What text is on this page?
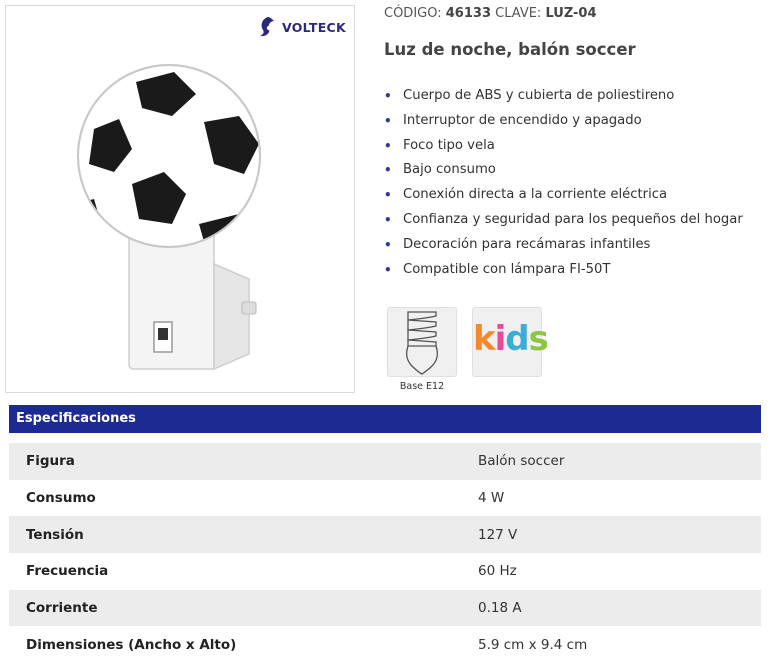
VOLTECK
CÓDIGO: 46133 CLAVE: LUZ-04
Luz de noche, balón soccer
• Cuerpo de ABS y cubierta de poliestireno
• Interruptor de encendido y apagado
• Foco tipo vela
• Bajo consumo
• Conexión directa a la corriente eléctrica
• Confianza y seguridad para los pequeños del hogar
• Decoración para recámaras infantiles
• Compatible con lámpara FI-50T
Base E12
kids
Especificaciones
Figura	Balón soccer
Consumo	4 W
Tensión	127 V
Frecuencia	60 Hz
Corriente	0.18 A
Dimensiones (Ancho x Alto)	5.9 cm x 9.4 cm
